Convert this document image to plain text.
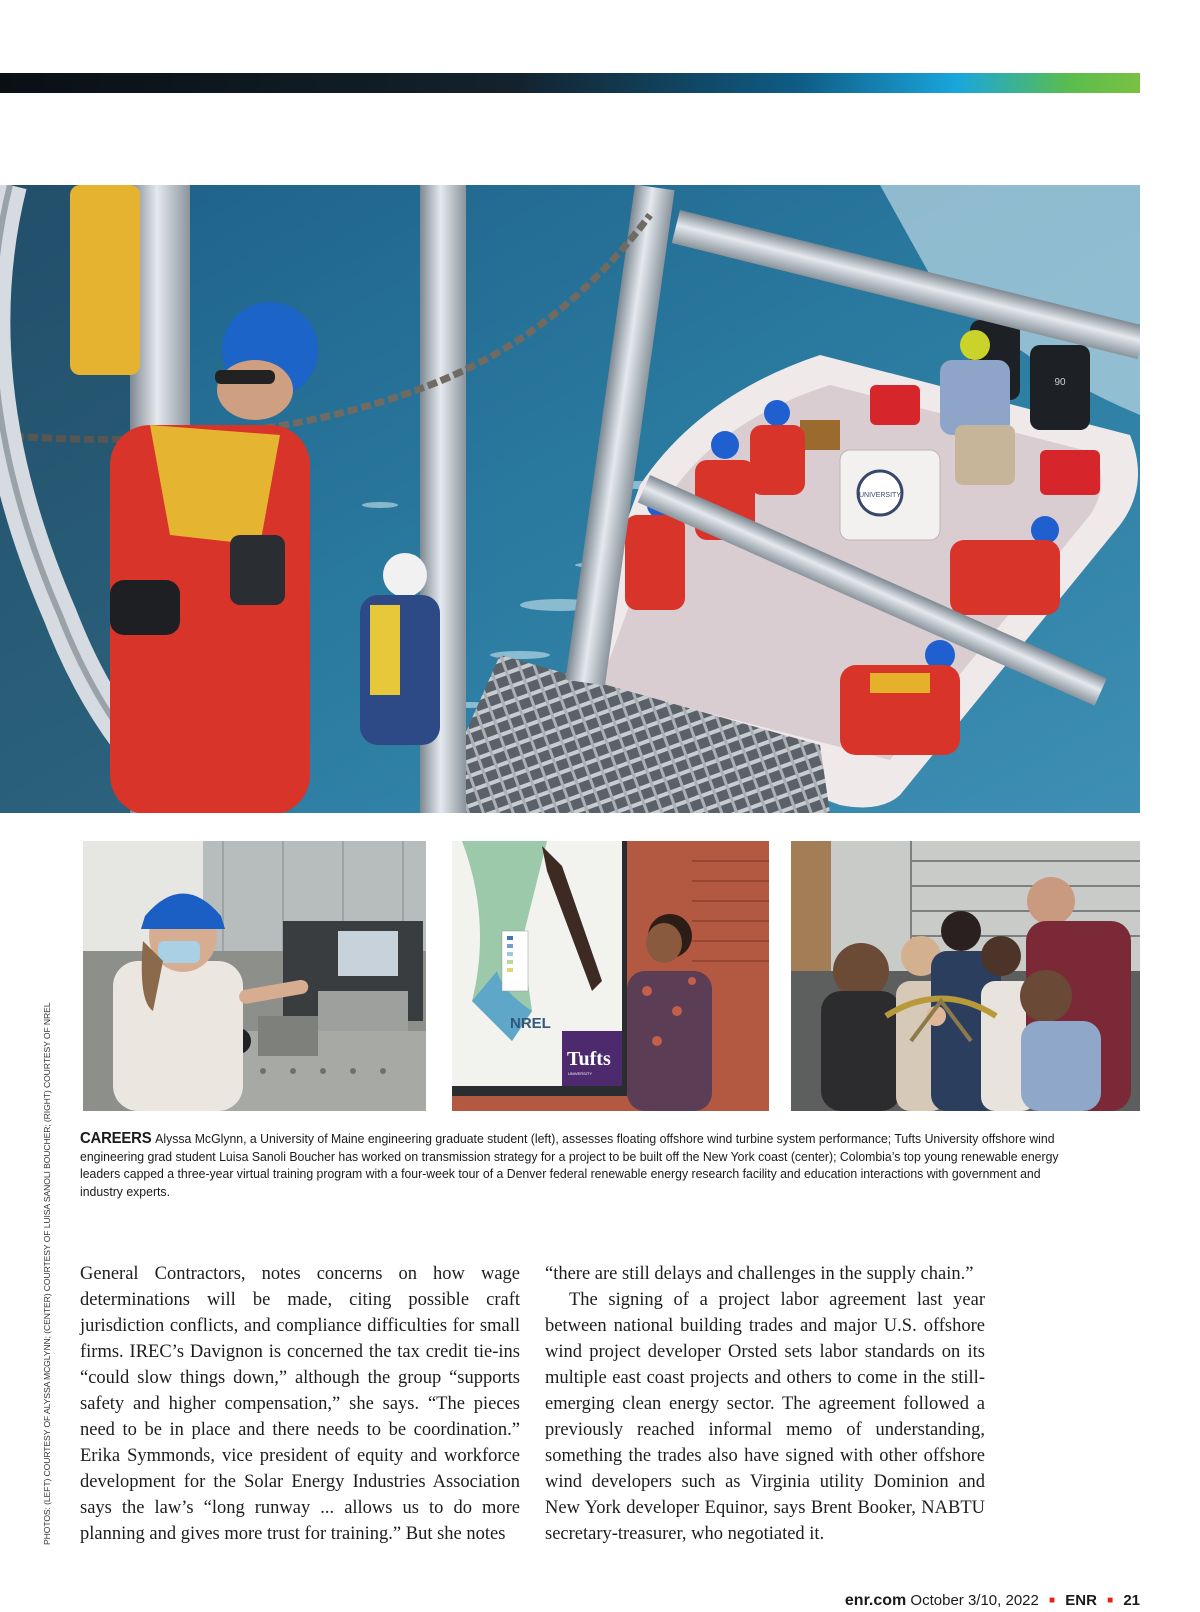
UNIVERSITY
90
NREL
Tufts
UNIVERSITY
PHOTOS: (LEFT) COURTESY OF ALYSSA MCGLYNN; (CENTER) COURTESY OF LUISA SANOLI BOUCHER; (RIGHT) COURTESY OF NREL CAREERS Alyssa McGlynn, a University of Maine engineering graduate student (left), assesses floating offshore wind turbine system performance; Tufts University offshore wind engineering grad student Luisa Sanoli Boucher has worked on transmission strategy for a project to be built off the New York coast (center); Colombia’s top young renewable energy leaders capped a three-year virtual training program with a four-week tour of a Denver federal renewable energy research facility and education interactions with government and industry experts.

General Contractors, notes concerns on how wage determinations will be made, citing possible craft jurisdiction conflicts, and compliance difficulties for small firms. IREC’s Davignon is concerned the tax credit tie-ins “could slow things down,” although the group “supports safety and higher compensation,” she says. “The pieces need to be in place and there needs to be coordination.” Erika Symmonds, vice president of equity and workforce development for the Solar Energy Industries Association says the law’s “long runway ... allows us to do more planning and gives more trust for training.” But she notes

“there are still delays and challenges in the supply chain.”

The signing of a project labor agreement last year between national building trades and major U.S. offshore wind project developer Orsted sets labor standards on its multiple east coast projects and others to come in the still-emerging clean energy sector. The agreement followed a previously reached informal memo of understanding, something the trades also have signed with other offshore wind developers such as Virginia utility Dominion and New York developer Equinor, says Brent Booker, NABTU secretary-treasurer, who negotiated it.

enr.com October 3/10, 2022 ■ ENR ■ 21
